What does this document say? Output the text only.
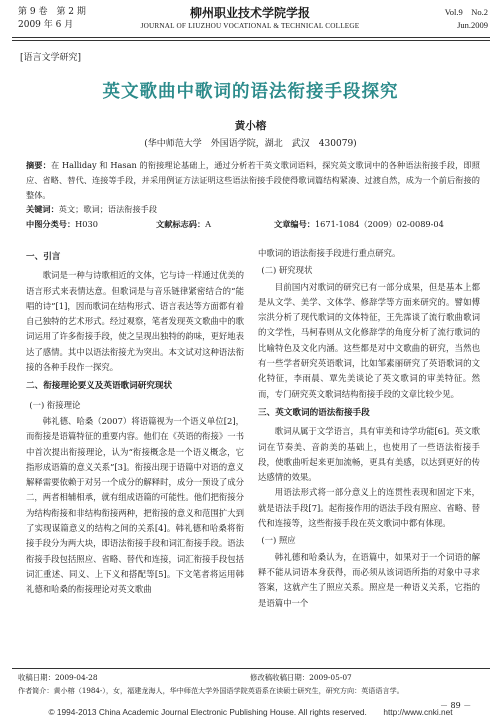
第 9 卷　第 2 期
2009 年 6 月
柳州职业技术学院学报
JOURNAL OF LIUZHOU VOCATIONAL & TECHNICAL COLLEGE
Vol.9　No.2
Jun.2009
[语言文学研究]
英文歌曲中歌词的语法衔接手段探究
黄小榕
(华中师范大学　外国语学院，湖北　武汉　430079)
摘要：在 Halliday 和 Hasan 的衔接理论基础上，通过分析若干英文歌词语料，探究英文歌词中的各种语法衔接手段，即照应、省略、替代、连接等手段，并采用例证方法证明这些语法衔接手段使得歌词篇结构紧凑、过渡自然，成为一个前后衔接的整体。
关键词：英文；歌词；语法衔接手段
中图分类号：H030	文献标志码：A	文章编号：1671-1084（2009）02-0089-04
一、引言

歌词是一种与诗歌相近的文体，它与诗一样通过优美的语言形式来表情达意。但歌词是与音乐链律紧密结合的“能唱的诗”[1]，因而歌词在结构形式、语言表达等方面都有着自己独特的艺术形式。经过观察，笔者发现英文歌曲中的歌词运用了许多衔接手段，使之呈现出独特的韵味，更好地表达了感情。其中以语法衔接尤为突出。本文试对这种语法衔接的各种手段作一探究。

二、衔接理论要义及英语歌词研究现状

(一) 衔接理论

韩礼德、哈桑（2007）将语篇视为一个语义单位[2]，而衔接是语篇特征的重要内容。他们在《英语的衔接》一书中首次提出衔接理论，认为“衔接概念是一个语义概念，它指形成语篇的意义关系”[3]。衔接出现于语篇中对语的意义解释需要依赖于对另一个成分的解释时，成分一预设了成分二，两者相辅相承，就有组成语篇的可能性。他们把衔接分为结构衔接和非结构衔接两种，把衔接的意义和范围扩大到了实现谋篇意义的结构之间的关系[4]。韩礼德和哈桑将衔接手段分为两大块，即语法衔接手段和词汇衔接手段。语法衔接手段包括照应、省略、替代和连接，词汇衔接手段包括词汇重述、同义、上下义和搭配等[5]。下文笔者将运用韩礼德和哈桑的衔接理论对英文歌曲

中歌词的语法衔接手段进行重点研究。

(二) 研究现状

目前国内对歌词的研究已有一部分成果，但是基本上都是从文学、美学、文体学、修辞学等方面来研究的。譬如傅宗洪分析了现代歌词的文体特征，王先霈谈了流行歌曲歌词的文学性，马柯春则从文化修辞学的角度分析了流行歌词的比喻特色及文化内涵。这些都是对中文歌曲的研究，当然也有一些学者研究英语歌词，比如邹素丽研究了英语歌词的文化特征，李雨晨、覃先美谈论了英文歌词的审美特征。然而，专门研究英文歌词结构衔接手段的文章比较少见。

三、英文歌词的语法衔接手段

歌词从属于文学语言，具有审美和诗学功能[6]。英文歌词在节奏美、音韵美的基础上，也使用了一些语法衔接手段，使歌曲听起来更加流畅，更具有美感，以达到更好的传达感情的效果。

用语法形式将一部分意义上的连贯性表现和固定下来，就是语法手段[7]。起衔接作用的语法手段有照应、省略、替代和连接等，这些衔接手段在英文歌词中都有体现。

(一) 照应

韩礼德和哈桑认为，在语篇中，如果对于一个词语的解释不能从词语本身获得，而必须从该词语所指的对象中寻求答案，这就产生了照应关系。照应是一种语义关系，它指的是语篇中一个

收稿日期：2009-04-28	修改稿收稿日期：2009-05-07
作者简介：黄小榕（1984-），女，福建龙海人，华中师范大学外国语学院英语系在读硕士研究生，研究方向：英语语言学。
－ 89 －
© 1994-2013 China Academic Journal Electronic Publishing House. All rights reserved.　　http://www.cnki.net
